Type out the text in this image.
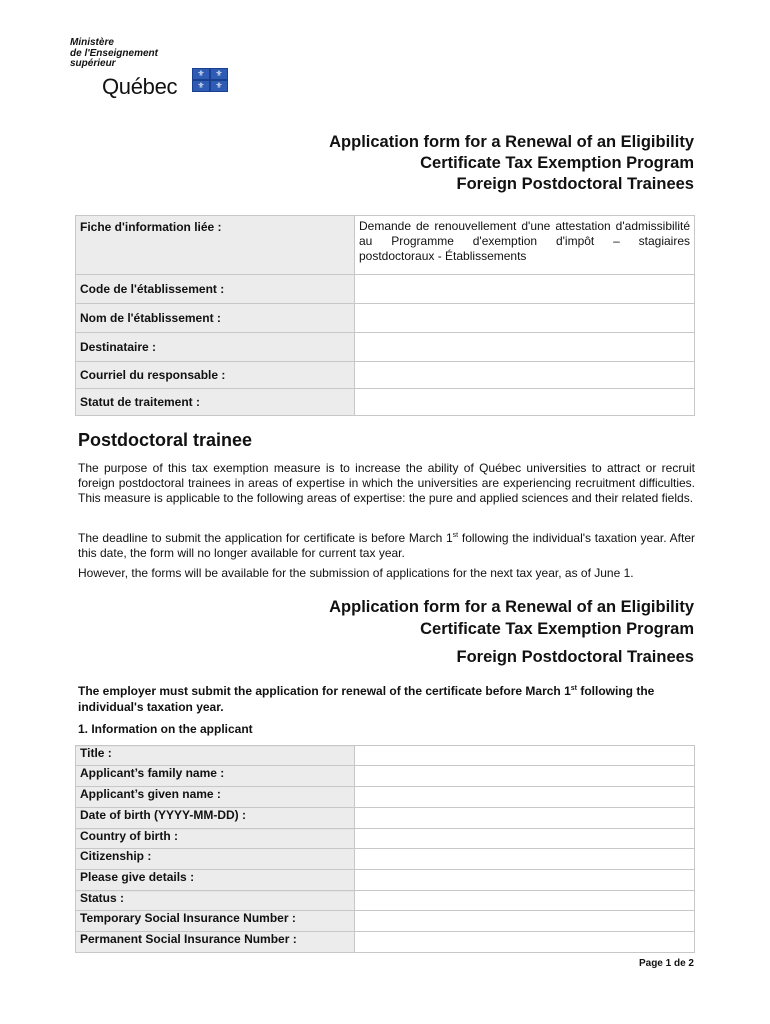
Ministère
de l'Enseignement
supérieur
Québec
⚜	⚜
⚜	⚜
Application form for a Renewal of an Eligibility
Certificate Tax Exemption Program
Foreign Postdoctoral Trainees
Fiche d'information liée :	Demande de renouvellement d'une attestation d'admissibilité au Programme d'exemption d'impôt – stagiaires postdoctoraux - Établissements
Code de l'établissement :	
Nom de l'établissement :	
Destinataire :	
Courriel du responsable :	
Statut de traitement :	
Postdoctoral trainee
The purpose of this tax exemption measure is to increase the ability of Québec universities to attract or recruit foreign postdoctoral trainees in areas of expertise in which the universities are experiencing recruitment difficulties. This measure is applicable to the following areas of expertise: the pure and applied sciences and their related fields.
The deadline to submit the application for certificate is before March 1st following the individual's taxation year. After this date, the form will no longer available for current tax year.
However, the forms will be available for the submission of applications for the next tax year, as of June 1.
Application form for a Renewal of an Eligibility
Certificate Tax Exemption Program
Foreign Postdoctoral Trainees
The employer must submit the application for renewal of the certificate before March 1st following the individual's taxation year.
1. Information on the applicant
Title :	
Applicant’s family name :	
Applicant’s given name :	
Date of birth (YYYY-MM-DD) :	
Country of birth :	
Citizenship :	
Please give details :	
Status :	
Temporary Social Insurance Number :	
Permanent Social Insurance Number :	
Page 1 de 2
